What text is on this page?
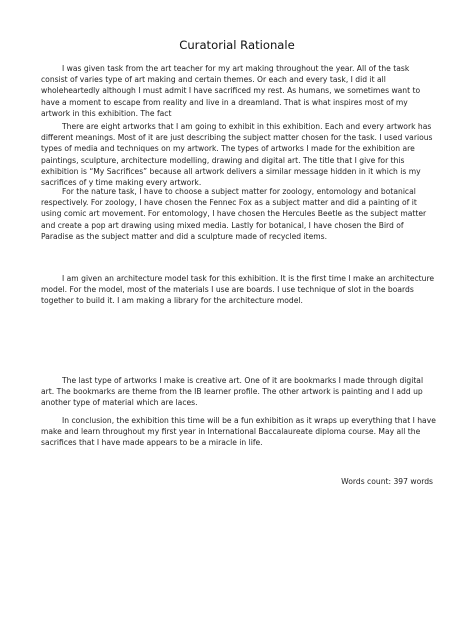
Curatorial Rationale

I was given task from the art teacher for my art making throughout the year. All of the task consist of varies type of art making and certain themes. Or each and every task, I did it all wholeheartedly although I must admit I have sacrificed my rest. As humans, we sometimes want to have a moment to escape from reality and live in a dreamland. That is what inspires most of my artwork in this exhibition. The fact

There are eight artworks that I am going to exhibit in this exhibition. Each and every artwork has different meanings. Most of it are just describing the subject matter chosen for the task. I used various types of media and techniques on my artwork. The types of artworks I made for the exhibition are paintings, sculpture, architecture modelling, drawing and digital art. The title that I give for this exhibition is “My Sacrifices” because all artwork delivers a similar message hidden in it which is my sacrifices of y time making every artwork.

For the nature task, I have to choose a subject matter for zoology, entomology and botanical respectively. For zoology, I have chosen the Fennec Fox as a subject matter and did a painting of it using comic art movement. For entomology, I have chosen the Hercules Beetle as the subject matter and create a pop art drawing using mixed media. Lastly for botanical, I have chosen the Bird of Paradise as the subject matter and did a sculpture made of recycled items.

I am given an architecture model task for this exhibition. It is the first time I make an architecture model. For the model, most of the materials I use are boards. I use technique of slot in the boards together to build it. I am making a library for the architecture model.

The last type of artworks I make is creative art. One of it are bookmarks I made through digital art. The bookmarks are theme from the IB learner profile. The other artwork is painting and I add up another type of material which are laces.

In conclusion, the exhibition this time will be a fun exhibition as it wraps up everything that I have make and learn throughout my first year in International Baccalaureate diploma course. May all the sacrifices that I have made appears to be a miracle in life.

Words count: 397 words
